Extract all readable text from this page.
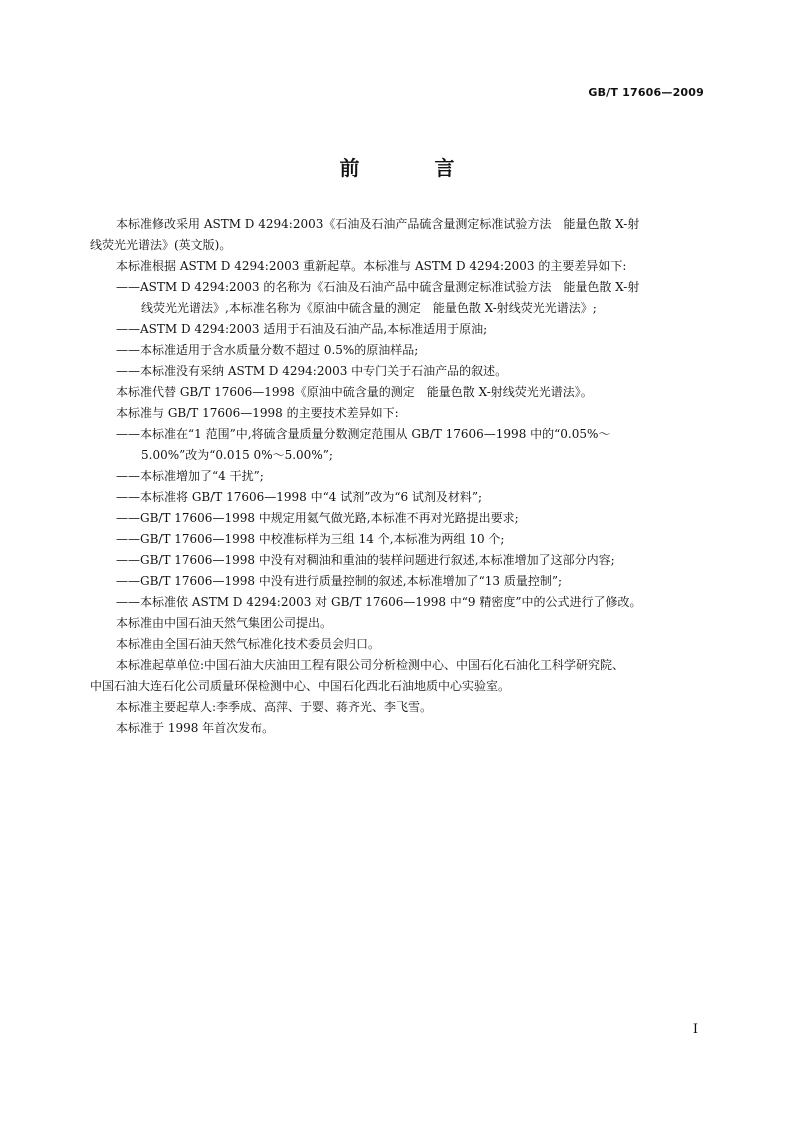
GB/T 17606—2009
前 言

本标准修改采用 ASTM D 4294:2003《石油及石油产品硫含量测定标准试验方法　能量色散 X-射

线荧光光谱法》(英文版)。

本标准根据 ASTM D 4294:2003 重新起草。本标准与 ASTM D 4294:2003 的主要差异如下:

——ASTM D 4294:2003 的名称为《石油及石油产品中硫含量测定标准试验方法　能量色散 X-射

线荧光光谱法》,本标准名称为《原油中硫含量的测定　能量色散 X-射线荧光光谱法》;

——ASTM D 4294:2003 适用于石油及石油产品,本标准适用于原油;

——本标准适用于含水质量分数不超过 0.5%的原油样品;

——本标准没有采纳 ASTM D 4294:2003 中专门关于石油产品的叙述。

本标准代替 GB/T 17606—1998《原油中硫含量的测定　能量色散 X-射线荧光光谱法》。

本标准与 GB/T 17606—1998 的主要技术差异如下:

——本标准在“1 范围”中,将硫含量质量分数测定范围从 GB/T 17606—1998 中的“0.05%～

5.00%”改为“0.015 0%～5.00%”;

——本标准增加了“4 干扰”;

——本标准将 GB/T 17606—1998 中“4 试剂”改为“6 试剂及材料”;

——GB/T 17606—1998 中规定用氦气做光路,本标准不再对光路提出要求;

——GB/T 17606—1998 中校准标样为三组 14 个,本标准为两组 10 个;

——GB/T 17606—1998 中没有对稠油和重油的装样问题进行叙述,本标准增加了这部分内容;

——GB/T 17606—1998 中没有进行质量控制的叙述,本标准增加了“13 质量控制”;

——本标准依 ASTM D 4294:2003 对 GB/T 17606—1998 中“9 精密度”中的公式进行了修改。

本标准由中国石油天然气集团公司提出。

本标准由全国石油天然气标准化技术委员会归口。

本标准起草单位:中国石油大庆油田工程有限公司分析检测中心、中国石化石油化工科学研究院、

中国石油大连石化公司质量环保检测中心、中国石化西北石油地质中心实验室。

本标准主要起草人:李季成、高萍、于婴、蒋齐光、李飞雪。

本标准于 1998 年首次发布。

I
